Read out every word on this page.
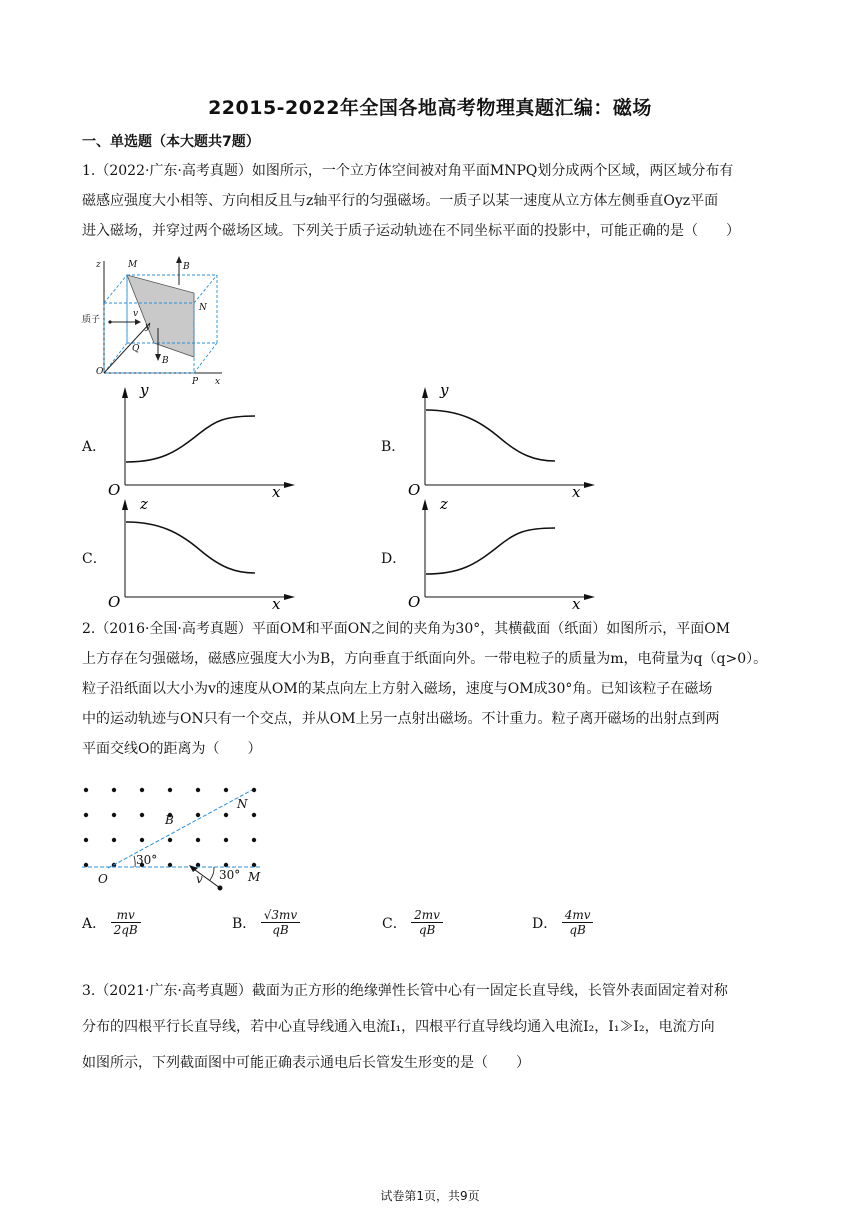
22015-2022年全国各地高考物理真题汇编：磁场
一、单选题（本大题共7题）
1.（2022·广东·高考真题）如图所示，一个立方体空间被对角平面MNPQ划分成两个区域，两区域分布有
磁感应强度大小相等、方向相反且与z轴平行的匀强磁场。一质子以某一速度从立方体左侧垂直Oyz平面
进入磁场，并穿过两个磁场区域。下列关于质子运动轨迹在不同坐标平面的投影中，可能正确的是（　　）
z	M	B
N
v
y
Q
B
O
P x
质子
A．
y
O	x
B．
y
O	x
C．
z
O	x
D．
z
O	x
2.（2016·全国·高考真题）平面OM和平面ON之间的夹角为30°，其横截面（纸面）如图所示，平面OM
上方存在匀强磁场，磁感应强度大小为B，方向垂直于纸面向外。一带电粒子的质量为m，电荷量为q（q>0）。
粒子沿纸面以大小为v的速度从OM的某点向左上方射入磁场，速度与OM成30°角。已知该粒子在磁场
中的运动轨迹与ON只有一个交点，并从OM上另一点射出磁场。不计重力。粒子离开磁场的出射点到两
平面交线O的距离为（　　）
N
B
30°
O	v 30° M
A． $\frac{mv}{2qB}$	B． $\frac{√3mv}{qB}$	C． $\frac{2mv}{qB}$	D． $\frac{4mv}{qB}$
3.（2021·广东·高考真题）截面为正方形的绝缘弹性长管中心有一固定长直导线，长管外表面固定着对称
分布的四根平行长直导线，若中心直导线通入电流I₁，四根平行直导线均通入电流I₂，I₁≫I₂，电流方向
如图所示，下列截面图中可能正确表示通电后长管发生形变的是（　　）
试卷第1页，共9页
